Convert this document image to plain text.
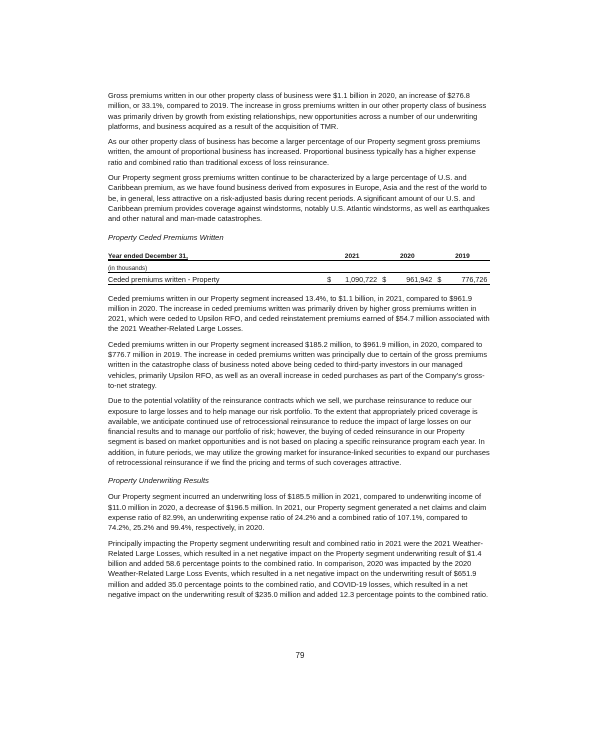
Gross premiums written in our other property class of business were $1.1 billion in 2020, an increase of $276.8 million, or 33.1%, compared to 2019. The increase in gross premiums written in our other property class of business was primarily driven by growth from existing relationships, new opportunities across a number of our underwriting platforms, and business acquired as a result of the acquisition of TMR.

As our other property class of business has become a larger percentage of our Property segment gross premiums written, the amount of proportional business has increased. Proportional business typically has a higher expense ratio and combined ratio than traditional excess of loss reinsurance.

Our Property segment gross premiums written continue to be characterized by a large percentage of U.S. and Caribbean premium, as we have found business derived from exposures in Europe, Asia and the rest of the world to be, in general, less attractive on a risk-adjusted basis during recent periods. A significant amount of our U.S. and Caribbean premium provides coverage against windstorms, notably U.S. Atlantic windstorms, as well as earthquakes and other natural and man-made catastrophes.

Property Ceded Premiums Written
Year ended December 31,	2021	2020	2019
(in thousands)			
Ceded premiums written - Property	$ 1,090,722	$ 961,942	$ 776,726

Ceded premiums written in our Property segment increased 13.4%, to $1.1 billion, in 2021, compared to $961.9 million in 2020. The increase in ceded premiums written was primarily driven by higher gross premiums written in 2021, which were ceded to Upsilon RFO, and ceded reinstatement premiums earned of $54.7 million associated with the 2021 Weather-Related Large Losses.

Ceded premiums written in our Property segment increased $185.2 million, to $961.9 million, in 2020, compared to $776.7 million in 2019. The increase in ceded premiums written was principally due to certain of the gross premiums written in the catastrophe class of business noted above being ceded to third-party investors in our managed vehicles, primarily Upsilon RFO, as well as an overall increase in ceded purchases as part of the Company’s gross-to-net strategy.

Due to the potential volatility of the reinsurance contracts which we sell, we purchase reinsurance to reduce our exposure to large losses and to help manage our risk portfolio. To the extent that appropriately priced coverage is available, we anticipate continued use of retrocessional reinsurance to reduce the impact of large losses on our financial results and to manage our portfolio of risk; however, the buying of ceded reinsurance in our Property segment is based on market opportunities and is not based on placing a specific reinsurance program each year. In addition, in future periods, we may utilize the growing market for insurance-linked securities to expand our purchases of retrocessional reinsurance if we find the pricing and terms of such coverages attractive.

Property Underwriting Results

Our Property segment incurred an underwriting loss of $185.5 million in 2021, compared to underwriting income of $11.0 million in 2020, a decrease of $196.5 million. In 2021, our Property segment generated a net claims and claim expense ratio of 82.9%, an underwriting expense ratio of 24.2% and a combined ratio of 107.1%, compared to 74.2%, 25.2% and 99.4%, respectively, in 2020.

Principally impacting the Property segment underwriting result and combined ratio in 2021 were the 2021 Weather-Related Large Losses, which resulted in a net negative impact on the Property segment underwriting result of $1.4 billion and added 58.6 percentage points to the combined ratio. In comparison, 2020 was impacted by the 2020 Weather-Related Large Loss Events, which resulted in a net negative impact on the underwriting result of $651.9 million and added 35.0 percentage points to the combined ratio, and COVID-19 losses, which resulted in a net negative impact on the underwriting result of $235.0 million and added 12.3 percentage points to the combined ratio.

79
